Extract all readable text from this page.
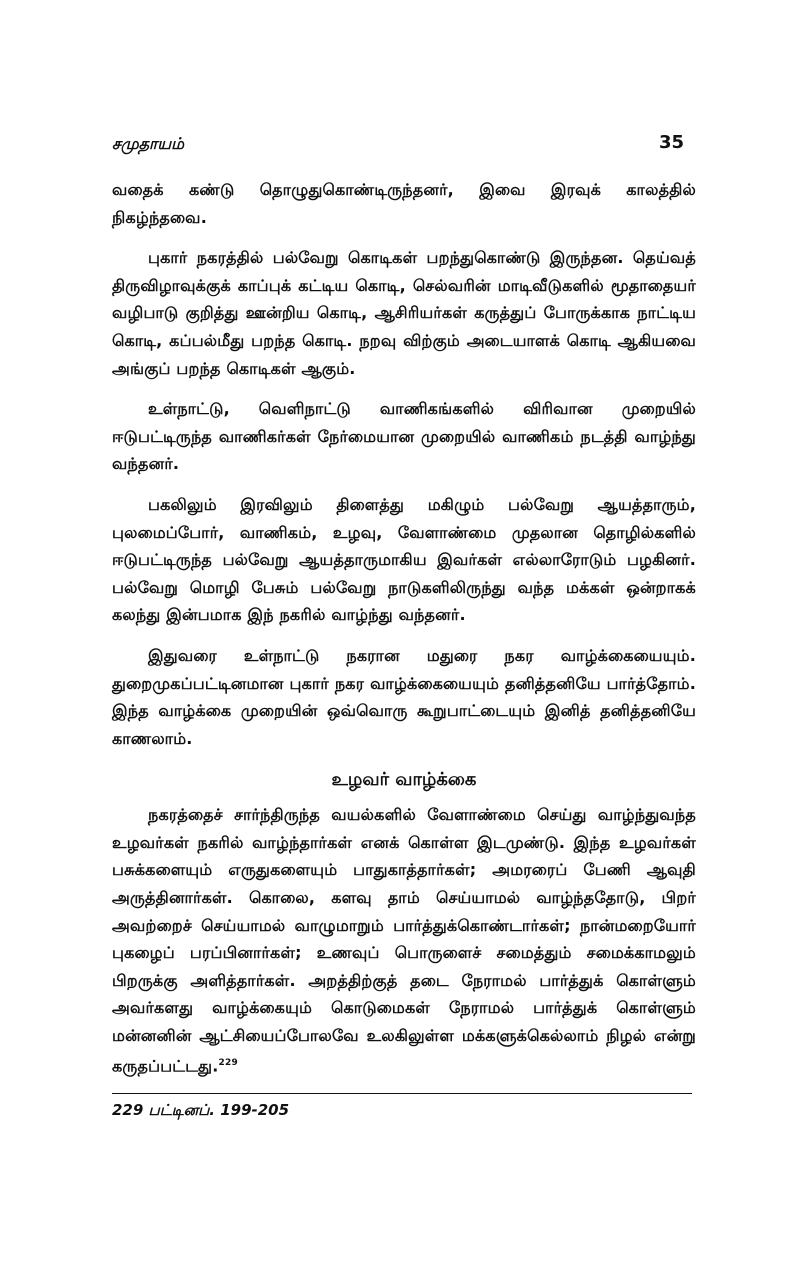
சமுதாயம்	35

வதைக் கண்டு தொழுதுகொண்டிருந்தனர், இவை இரவுக் காலத்தில் நிகழ்ந்தவை.

புகார் நகரத்தில் பல்வேறு கொடிகள் பறந்துகொண்டு இருந்தன. தெய்வத் திருவிழாவுக்குக் காப்புக் கட்டிய கொடி, செல்வரின் மாடிவீடுகளில் மூதாதையர் வழிபாடு குறித்து ஊன்றிய கொடி, ஆசிரியர்கள் கருத்துப் போருக்காக நாட்டிய கொடி, கப்பல்மீது பறந்த கொடி. நறவு விற்கும் அடையாளக் கொடி ஆகியவை அங்குப் பறந்த கொடிகள் ஆகும்.

உள்நாட்டு, வெளிநாட்டு வாணிகங்களில் விரிவான முறையில் ஈடுபட்டிருந்த வாணிகர்கள் நேர்மையான முறையில் வாணிகம் நடத்தி வாழ்ந்து வந்தனர்.

பகலிலும் இரவிலும் திளைத்து மகிழும் பல்வேறு ஆயத்தாரும், புலமைப்போர், வாணிகம், உழவு, வேளாண்மை முதலான தொழில்களில் ஈடுபட்டிருந்த பல்வேறு ஆயத்தாருமாகிய இவர்கள் எல்லாரோடும் பழகினர். பல்வேறு மொழி பேசும் பல்வேறு நாடுகளிலிருந்து வந்த மக்கள் ஒன்றாகக் கலந்து இன்பமாக இந் நகரில் வாழ்ந்து வந்தனர்.

இதுவரை உள்நாட்டு நகரான மதுரை நகர வாழ்க்கையையும். துறைமுகப்பட்டினமான புகார் நகர வாழ்க்கையையும் தனித்தனியே பார்த்தோம். இந்த வாழ்க்கை முறையின் ஒவ்வொரு கூறுபாட்டையும் இனித் தனித்தனியே காணலாம்.

உழவர் வாழ்க்கை

நகரத்தைச் சார்ந்திருந்த வயல்களில் வேளாண்மை செய்து வாழ்ந்துவந்த உழவர்கள் நகரில் வாழ்ந்தார்கள் எனக் கொள்ள இடமுண்டு. இந்த உழவர்கள் பசுக்களையும் எருதுகளையும் பாதுகாத்தார்கள்; அமரரைப் பேணி ஆவுதி அருத்தினார்கள். கொலை, களவு தாம் செய்யாமல் வாழ்ந்ததோடு, பிறர் அவற்றைச் செய்யாமல் வாழுமாறும் பார்த்துக்கொண்டார்கள்; நான்மறையோர் புகழைப் பரப்பினார்கள்; உணவுப் பொருளைச் சமைத்தும் சமைக்காமலும் பிறருக்கு அளித்தார்கள். அறத்திற்குத் தடை நேராமல் பார்த்துக் கொள்ளும் அவர்களது வாழ்க்கையும் கொடுமைகள் நேராமல் பார்த்துக் கொள்ளும் மன்னனின் ஆட்சியைப்போலவே உலகிலுள்ள மக்களுக்கெல்லாம் நிழல் என்று கருதப்பட்டது.$^{229}$

229 பட்டினப். 199-205
